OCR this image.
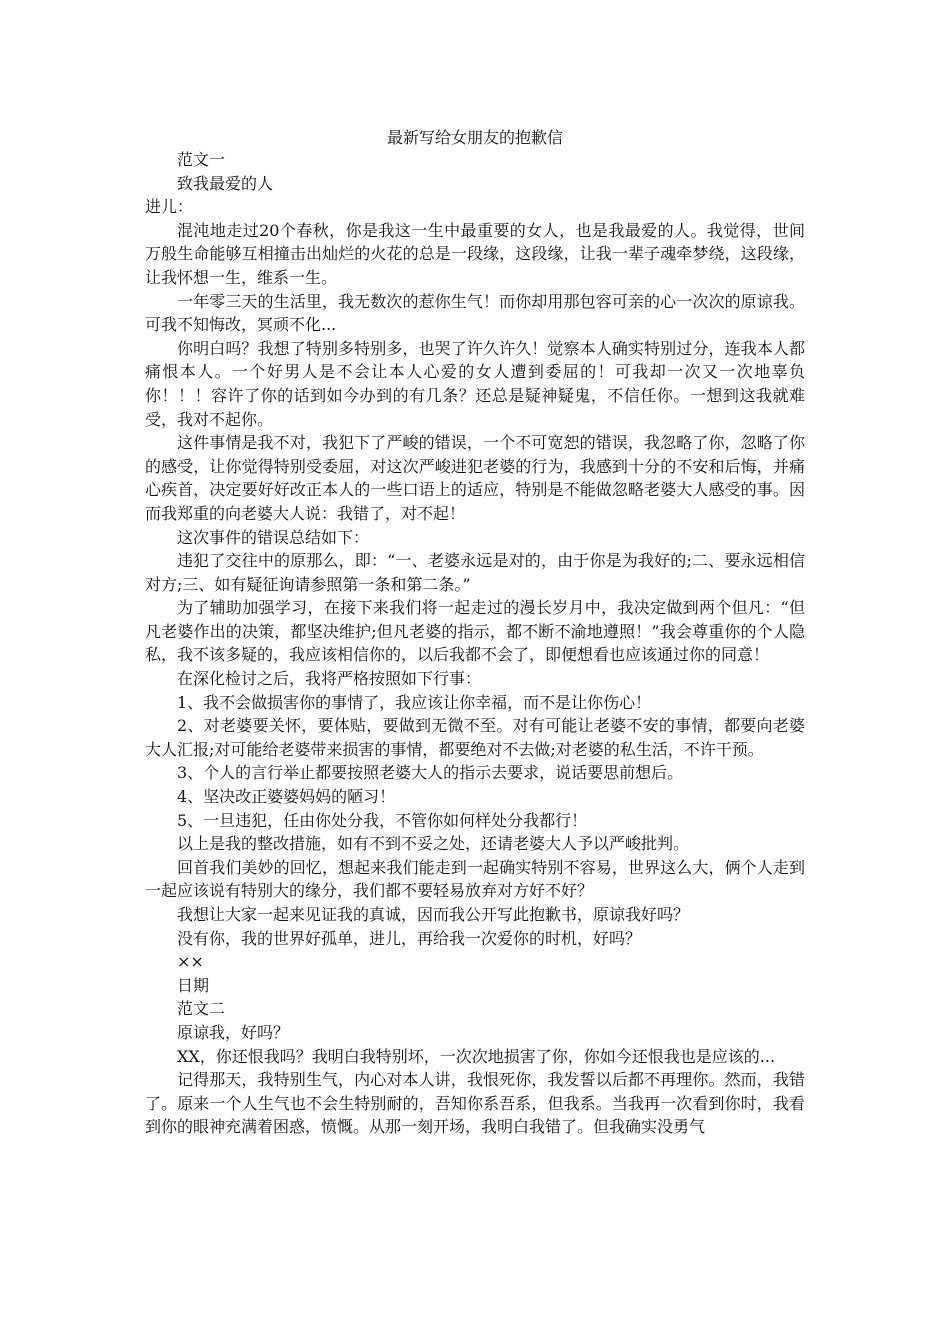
最新写给女朋友的抱歉信

范文一

致我最爱的人

进儿：

混沌地走过20个春秋，你是我这一生中最重要的女人，也是我最爱的人。我觉得，世间万般生命能够互相撞击出灿烂的火花的总是一段缘，这段缘，让我一辈子魂牵梦绕，这段缘，让我怀想一生，维系一生。

一年零三天的生活里，我无数次的惹你生气！而你却用那包容可亲的心一次次的原谅我。可我不知悔改，冥顽不化...

你明白吗？我想了特别多特别多，也哭了许久许久！觉察本人确实特别过分，连我本人都痛恨本人。一个好男人是不会让本人心爱的女人遭到委屈的！可我却一次又一次地辜负你！！！容许了你的话到如今办到的有几条？还总是疑神疑鬼，不信任你。一想到这我就难受，我对不起你。

这件事情是我不对，我犯下了严峻的错误，一个不可宽恕的错误，我忽略了你，忽略了你的感受，让你觉得特别受委屈，对这次严峻进犯老婆的行为，我感到十分的不安和后悔，并痛心疾首，决定要好好改正本人的一些口语上的适应，特别是不能做忽略老婆大人感受的事。因而我郑重的向老婆大人说：我错了，对不起！

这次事件的错误总结如下：

违犯了交往中的原那么，即：“一、老婆永远是对的，由于你是为我好的;二、要永远相信对方;三、如有疑征询请参照第一条和第二条。”

为了辅助加强学习，在接下来我们将一起走过的漫长岁月中，我决定做到两个但凡：“但凡老婆作出的决策，都坚决维护;但凡老婆的指示，都不断不渝地遵照！”我会尊重你的个人隐私，我不该多疑的，我应该相信你的，以后我都不会了，即便想看也应该通过你的同意！

在深化检讨之后，我将严格按照如下行事：

1、我不会做损害你的事情了，我应该让你幸福，而不是让你伤心！

2、对老婆要关怀，要体贴，要做到无微不至。对有可能让老婆不安的事情，都要向老婆大人汇报;对可能给老婆带来损害的事情，都要绝对不去做;对老婆的私生活，不许干预。

3、个人的言行举止都要按照老婆大人的指示去要求，说话要思前想后。

4、坚决改正婆婆妈妈的陋习！

5、一旦违犯，任由你处分我，不管你如何样处分我都行！

以上是我的整改措施，如有不到不妥之处，还请老婆大人予以严峻批判。

回首我们美妙的回忆，想起来我们能走到一起确实特别不容易，世界这么大，俩个人走到一起应该说有特别大的缘分，我们都不要轻易放弃对方好不好？

我想让大家一起来见证我的真诚，因而我公开写此抱歉书，原谅我好吗？

没有你，我的世界好孤单，进儿，再给我一次爱你的时机，好吗？

××

日期

范文二

原谅我，好吗？

XX，你还恨我吗？我明白我特别坏，一次次地损害了你，你如今还恨我也是应该的...

记得那天，我特别生气，内心对本人讲，我恨死你，我发誓以后都不再理你。然而，我错了。原来一个人生气也不会生特别耐的，吾知你系吾系，但我系。当我再一次看到你时，我看到你的眼神充满着困惑，愤慨。从那一刻开场，我明白我错了。但我确实没勇气
